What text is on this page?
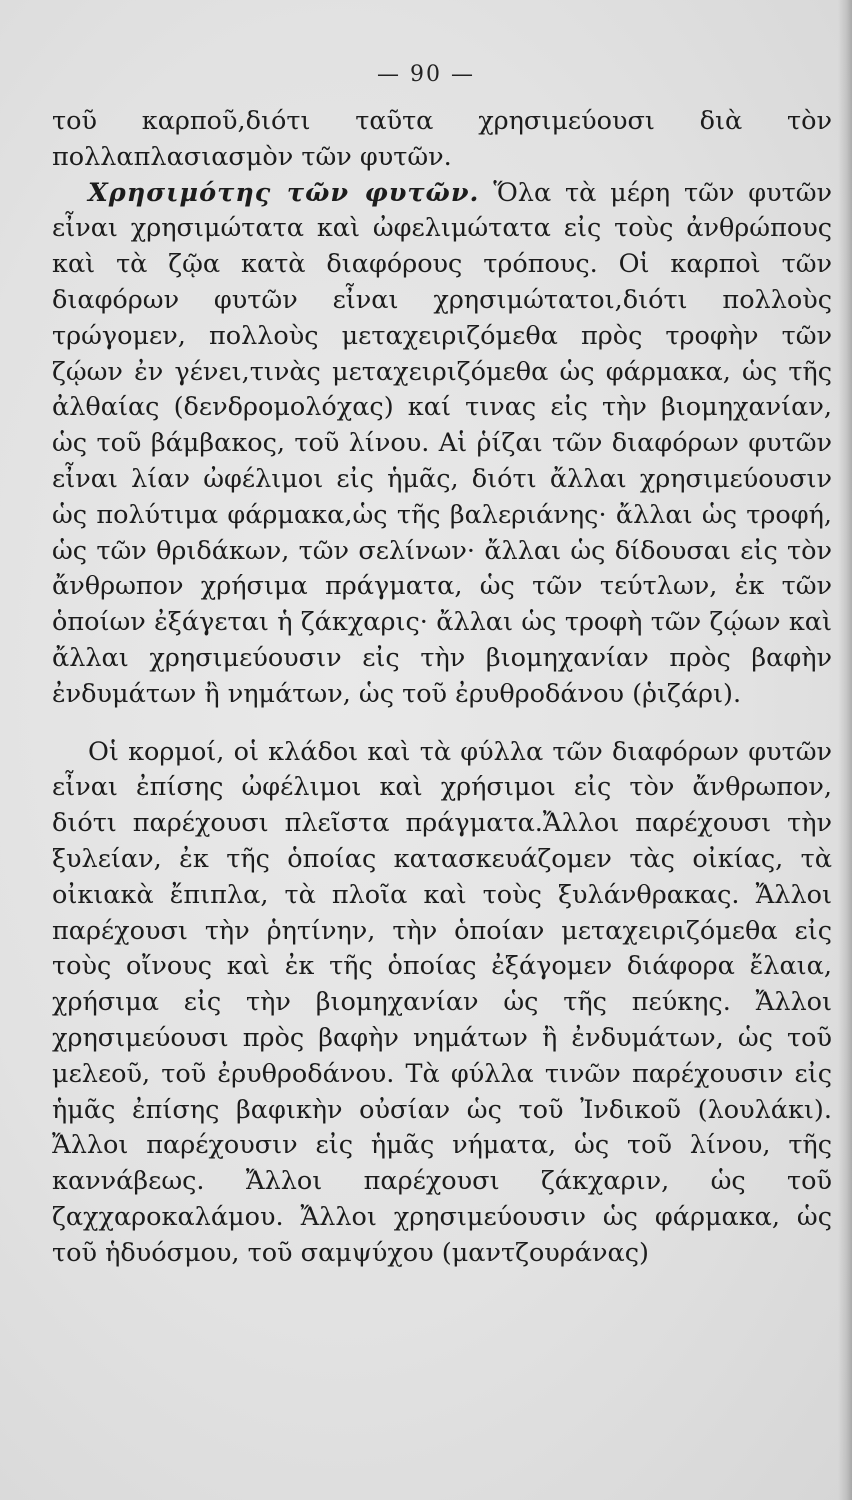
— 90 —

τοῦ καρποῦ,διότι ταῦτα χρησιμεύουσι διὰ τὸν πολλαπλασιασμὸν τῶν φυτῶν.

Χρησιμότης τῶν φυτῶν. Ὅλα τὰ μέρη τῶν φυτῶν εἶναι χρησιμώτατα καὶ ὠφελιμώτατα εἰς τοὺς ἀνθρώπους καὶ τὰ ζῷα κατὰ διαφόρους τρόπους. Οἱ καρποὶ τῶν διαφόρων φυτῶν εἶναι χρησιμώτατοι,διότι πολλοὺς τρώγομεν, πολλοὺς μεταχειριζόμεθα πρὸς τροφὴν τῶν ζῴων ἐν γένει,τινὰς μεταχειριζόμεθα ὡς φάρμακα, ὡς τῆς ἀλθαίας (δενδρομολόχας) καί τινας εἰς τὴν βιομηχανίαν, ὡς τοῦ βάμβακος, τοῦ λίνου. Αἱ ῥίζαι τῶν διαφόρων φυτῶν εἶναι λίαν ὠφέλιμοι εἰς ἡμᾶς, διότι ἄλλαι χρησιμεύουσιν ὡς πολύτιμα φάρμακα,ὡς τῆς βαλεριάνης· ἄλλαι ὡς τροφή, ὡς τῶν θριδάκων, τῶν σελίνων· ἄλλαι ὡς δίδουσαι εἰς τὸν ἄνθρωπον χρήσιμα πράγματα, ὡς τῶν τεύτλων, ἐκ τῶν ὁποίων ἐξάγεται ἡ ζάκχαρις· ἄλλαι ὡς τροφὴ τῶν ζῴων καὶ ἄλλαι χρησιμεύουσιν εἰς τὴν βιομηχανίαν πρὸς βαφὴν ἐνδυμάτων ἢ νημάτων, ὡς τοῦ ἐρυθροδάνου (ῥιζάρι).

Οἱ κορμοί, οἱ κλάδοι καὶ τὰ φύλλα τῶν διαφόρων φυτῶν εἶναι ἐπίσης ὠφέλιμοι καὶ χρήσιμοι εἰς τὸν ἄνθρωπον, διότι παρέχουσι πλεῖστα πράγματα.Ἄλλοι παρέχουσι τὴν ξυλείαν, ἐκ τῆς ὁποίας κατασκευάζομεν τὰς οἰκίας, τὰ οἰκιακὰ ἔπιπλα, τὰ πλοῖα καὶ τοὺς ξυλάνθρακας. Ἄλλοι παρέχουσι τὴν ῥητίνην, τὴν ὁποίαν μεταχειριζόμεθα εἰς τοὺς οἴνους καὶ ἐκ τῆς ὁποίας ἐξάγομεν διάφορα ἔλαια, χρήσιμα εἰς τὴν βιομηχανίαν ὡς τῆς πεύκης. Ἄλλοι χρησιμεύουσι πρὸς βαφὴν νημάτων ἢ ἐνδυμάτων, ὡς τοῦ μελεοῦ, τοῦ ἐρυθροδάνου. Τὰ φύλλα τινῶν παρέχουσιν εἰς ἡμᾶς ἐπίσης βαφικὴν οὐσίαν ὡς τοῦ Ἰνδικοῦ (λουλάκι). Ἄλλοι παρέχουσιν εἰς ἡμᾶς νήματα, ὡς τοῦ λίνου, τῆς καννάβεως. Ἄλλοι παρέχουσι ζάκχαριν, ὡς τοῦ ζαχχαροκαλάμου. Ἄλλοι χρησιμεύουσιν ὡς φάρμακα, ὡς τοῦ ἡδυόσμου, τοῦ σαμψύχου (μαντζουράνας)
